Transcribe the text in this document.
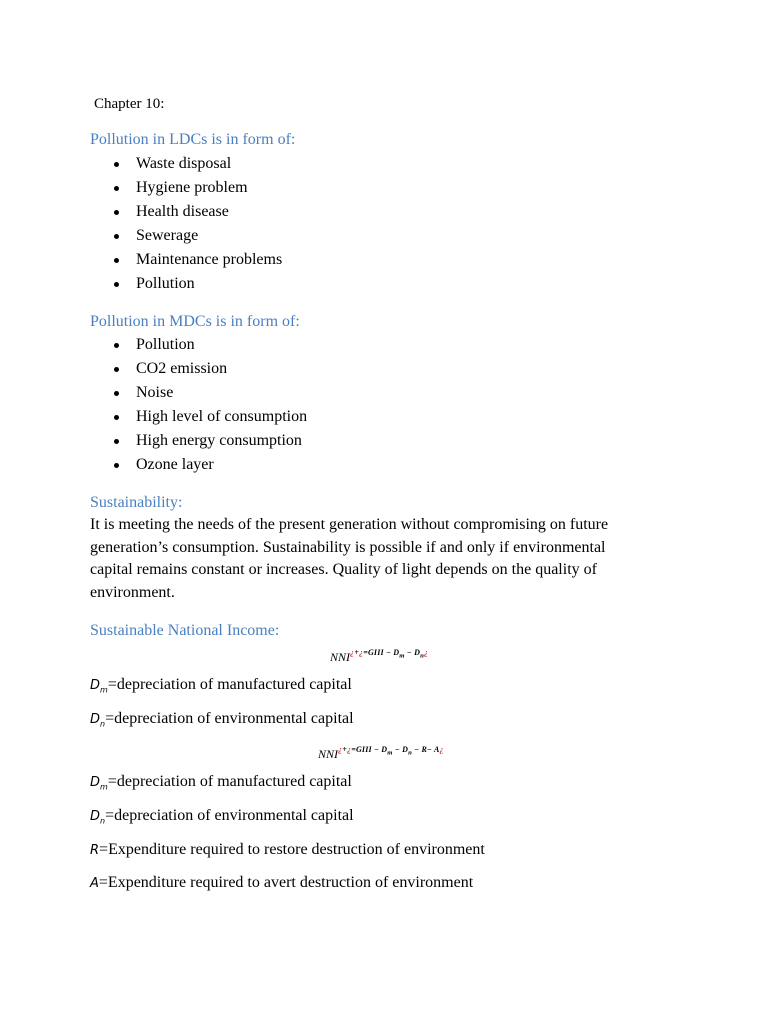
Chapter 10:
Pollution in LDCs is in form of:
Waste disposal
Hygiene problem
Health disease
Sewerage
Maintenance problems
Pollution
Pollution in MDCs is in form of:
Pollution
CO2 emission
Noise
High level of consumption
High energy consumption
Ozone layer
Sustainability:
It is meeting the needs of the present generation without compromising on future
generation’s consumption. Sustainability is possible if and only if environmental
capital remains constant or increases. Quality of light depends on the quality of
environment.
Sustainable National Income:
$NNI^{¿+¿=GIII - D_m - D_n¿}$
$D_m=depreciation$ of manufactured capital
$D_n=depreciation$ of environmental capital
$NNI^{¿+¿=GIII - D_m - D_n - R- A¿}$
$D_m=depreciation$ of manufactured capital
$D_n=depreciation$ of environmental capital
R=Expenditure required to restore destruction of environment
A=Expenditure required to avert destruction of environment
